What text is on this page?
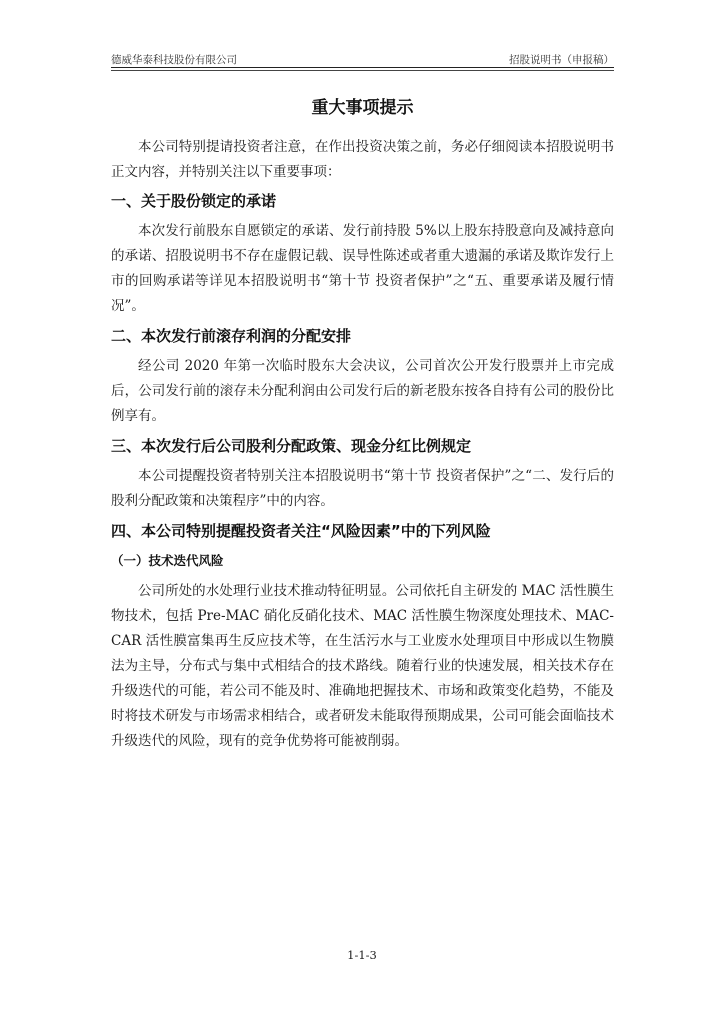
德威华泰科技股份有限公司	招股说明书（申报稿）
重大事项提示

本公司特别提请投资者注意，在作出投资决策之前，务必仔细阅读本招股说明书正文内容，并特别关注以下重要事项：

一、关于股份锁定的承诺

本次发行前股东自愿锁定的承诺、发行前持股 5%以上股东持股意向及减持意向的承诺、招股说明书不存在虚假记载、误导性陈述或者重大遗漏的承诺及欺诈发行上市的回购承诺等详见本招股说明书“第十节 投资者保护”之“五、重要承诺及履行情况”。

二、本次发行前滚存利润的分配安排

经公司 2020 年第一次临时股东大会决议，公司首次公开发行股票并上市完成后，公司发行前的滚存未分配利润由公司发行后的新老股东按各自持有公司的股份比例享有。

三、本次发行后公司股利分配政策、现金分红比例规定

本公司提醒投资者特别关注本招股说明书“第十节 投资者保护”之“二、发行后的股利分配政策和决策程序”中的内容。

四、本公司特别提醒投资者关注“风险因素”中的下列风险

（一）技术迭代风险

公司所处的水处理行业技术推动特征明显。公司依托自主研发的 MAC 活性膜生物技术，包括 Pre-MAC 硝化反硝化技术、MAC 活性膜生物深度处理技术、MAC-CAR 活性膜富集再生反应技术等，在生活污水与工业废水处理项目中形成以生物膜法为主导，分布式与集中式相结合的技术路线。随着行业的快速发展，相关技术存在升级迭代的可能，若公司不能及时、准确地把握技术、市场和政策变化趋势，不能及时将技术研发与市场需求相结合，或者研发未能取得预期成果，公司可能会面临技术升级迭代的风险，现有的竞争优势将可能被削弱。

1-1-3
